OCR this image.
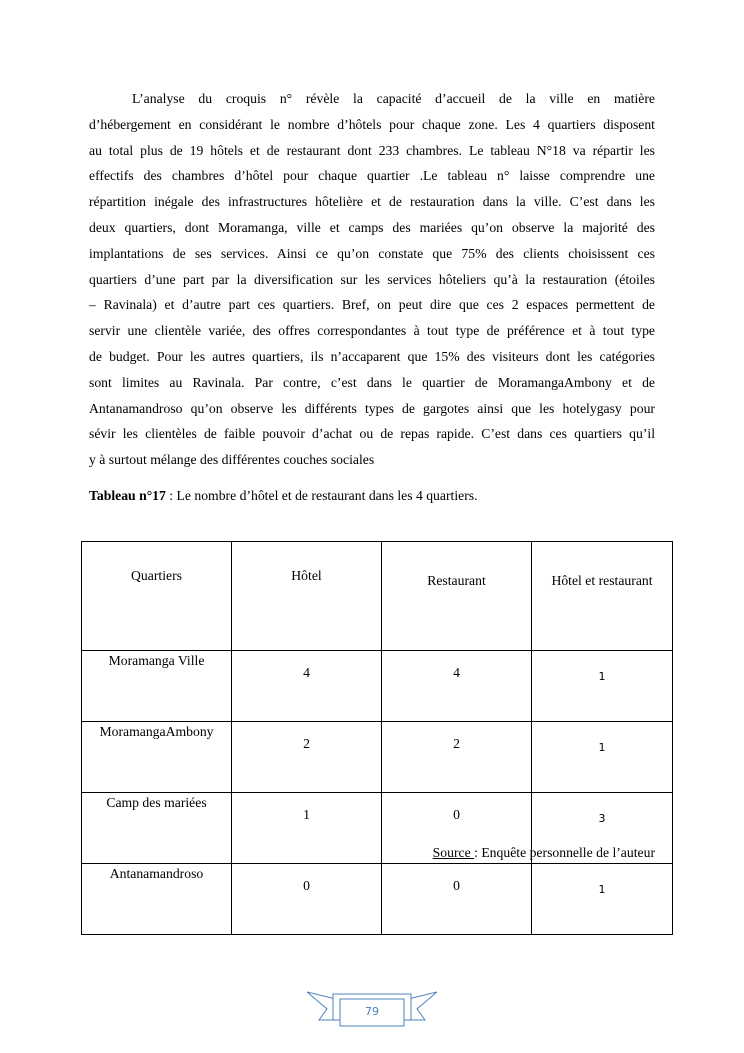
L’analyse du croquis n° révèle la capacité d’accueil de la ville en matière
d’hébergement en considérant le nombre d’hôtels pour chaque zone. Les 4 quartiers disposent
au total plus de 19 hôtels et de restaurant dont 233 chambres. Le tableau N°18 va répartir les
effectifs des chambres d’hôtel pour chaque quartier .Le tableau n° laisse comprendre une
répartition inégale des infrastructures hôtelière et de restauration dans la ville. C’est dans les
deux quartiers, dont Moramanga, ville et camps des mariées qu’on observe la majorité des
implantations de ses services. Ainsi ce qu’on constate que 75% des clients choisissent ces
quartiers d’une part par la diversification sur les services hôteliers qu’à la restauration (étoiles
– Ravinala) et d’autre part ces quartiers. Bref, on peut dire que ces 2 espaces permettent de
servir une clientèle variée, des offres correspondantes à tout type de préférence et à tout type
de budget. Pour les autres quartiers, ils n’accaparent que 15% des visiteurs dont les catégories
sont limites au Ravinala. Par contre, c’est dans le quartier de MoramangaAmbony et de
Antanamandroso qu’on observe les différents types de gargotes ainsi que les hotelygasy pour
sévir les clientèles de faible pouvoir d’achat ou de repas rapide. C’est dans ces quartiers qu’il
y à surtout mélange des différentes couches sociales

Tableau n°17 : Le nombre d’hôtel et de restaurant dans les 4 quartiers.

Quartiers	Hôtel	Restaurant	Hôtel et restaurant
Moramanga Ville	4	4	1
MoramangaAmbony	2	2	1
Camp des mariées	1	0	3
Antanamandroso	0	0	1
Source : Enquête personnelle de l’auteur
79
